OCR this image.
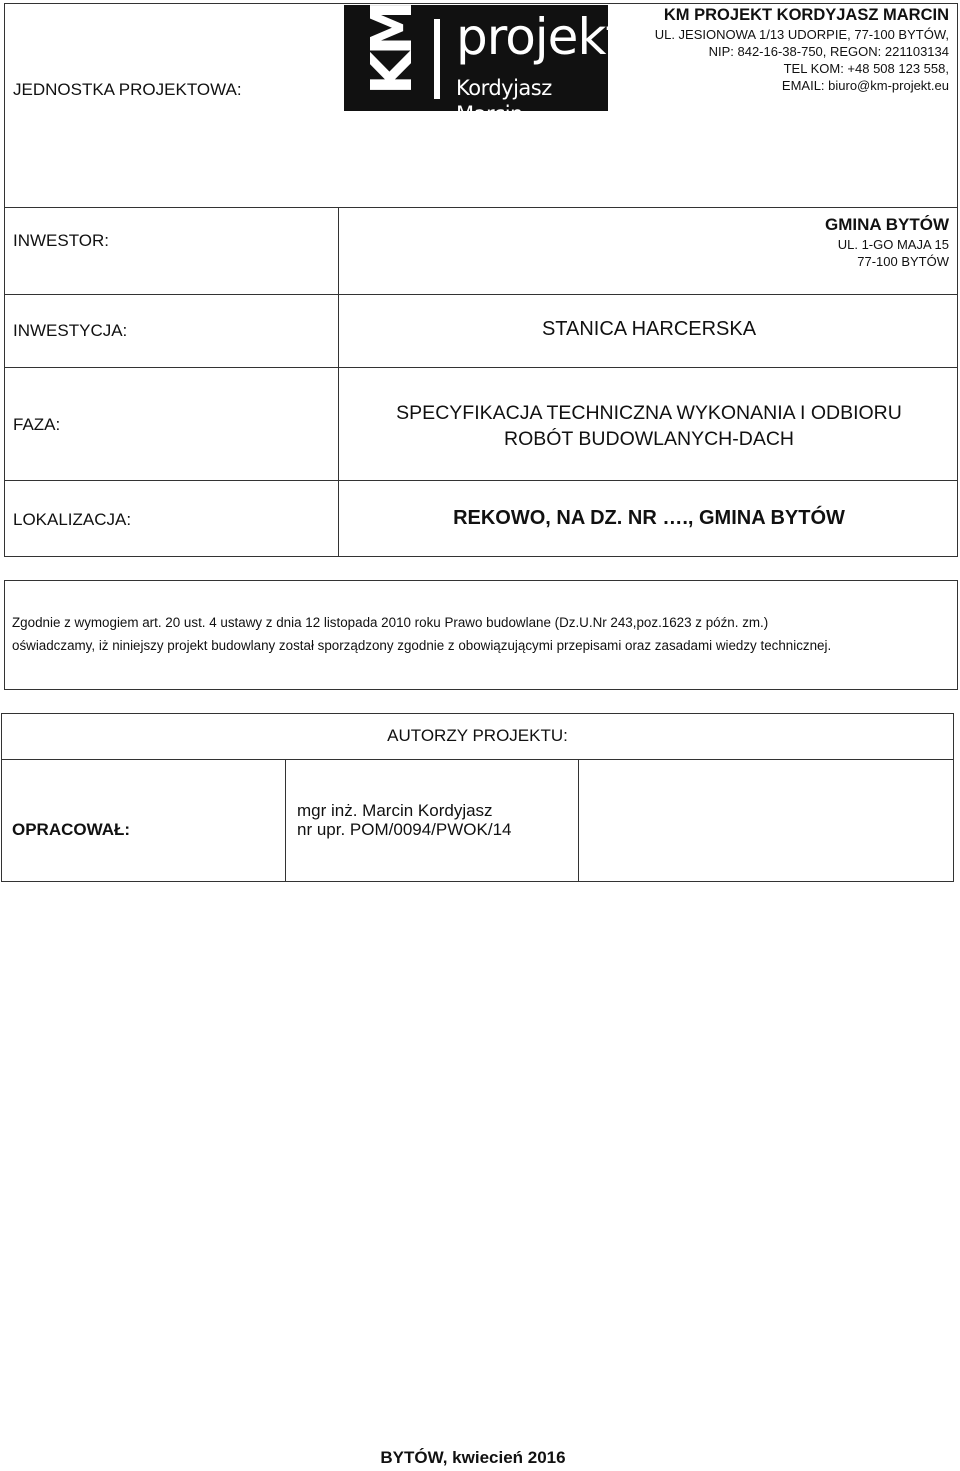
JEDNOSTKA PROJEKTOWA: KM projekt
Kordyjasz Marcin
KM PROJEKT KORDYJASZ MARCIN
UL. JESIONOWA 1/13 UDORPIE, 77-100 BYTÓW,
NIP: 842-16-38-750, REGON: 221103134
TEL KOM: +48 508 123 558,
EMAIL: biuro@km-projekt.eu
INWESTOR:
GMINA BYTÓW
UL. 1-GO MAJA 15
77-100 BYTÓW
INWESTYCJA:	STANICA HARCERSKA
FAZA:
SPECYFIKACJA TECHNICZNA WYKONANIA I ODBIORU
ROBÓT BUDOWLANYCH-DACH
LOKALIZACJA:	REKOWO, NA DZ. NR …., GMINA BYTÓW
Zgodnie z wymogiem art. 20 ust. 4 ustawy z dnia 12 listopada 2010 roku Prawo budowlane (Dz.U.Nr 243,poz.1623 z późn. zm.)
oświadczamy, iż niniejszy projekt budowlany został sporządzony zgodnie z obowiązującymi przepisami oraz zasadami wiedzy technicznej.
AUTORZY PROJEKTU:
OPRACOWAŁ:
mgr inż. Marcin Kordyjasz
nr upr. POM/0094/PWOK/14
BYTÓW, kwiecień 2016
